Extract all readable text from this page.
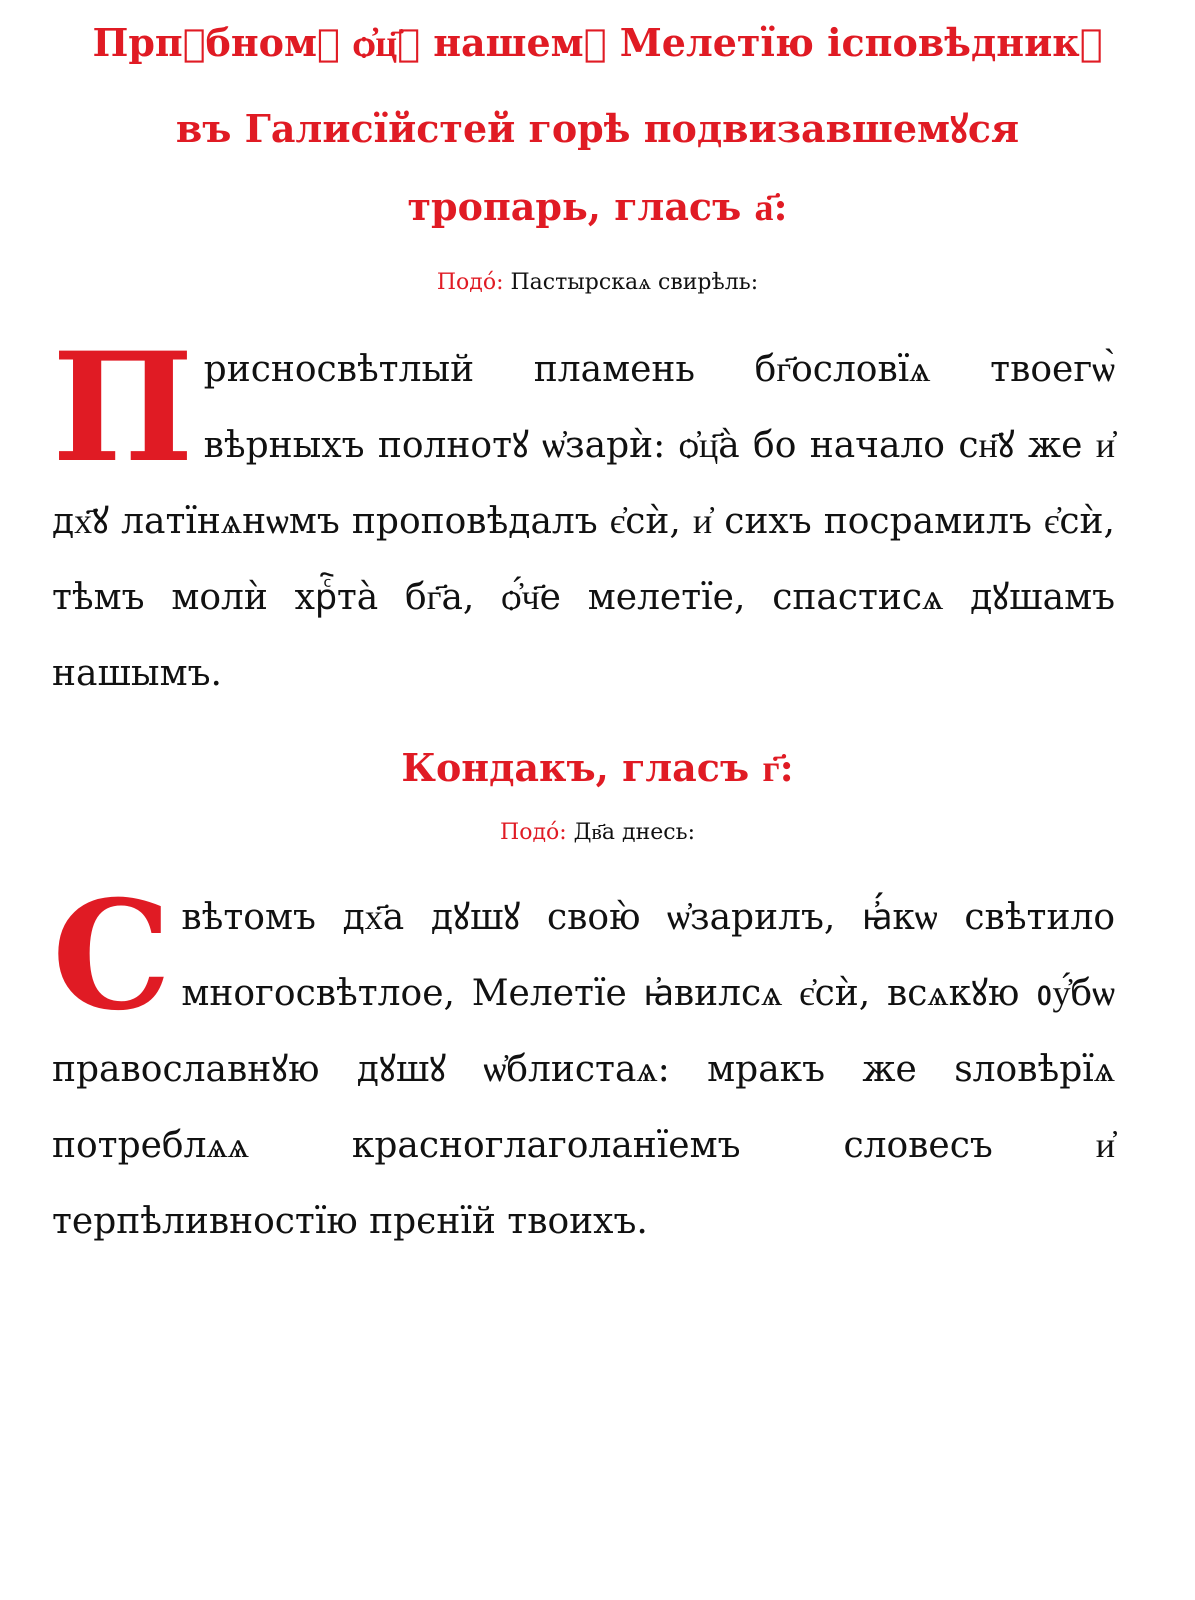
Прпⷣбномꙋ ѻ҆ц҃ꙋ нашемꙋ Мелетїю ісповѣдникꙋ

въ Галисїйстей горѣ подвизавшемꙋся

тропарь, гласъ а҃:

Подо́: Пастырскаѧ свирѣль:
П рисносвѣтлый пламень бг҃ословїѧ твоегѡ̀ вѣрныхъ полнотꙋ ѡ҆зарѝ: ѻ҆ц҃а̀ бо начало сн҃ꙋ же и҆ дх҃ꙋ латїнѧнѡмъ проповѣдалъ є҆сѝ, и҆ сихъ посрамилъ є҆сѝ, тѣмъ молѝ хрⷭ҇та̀ бг҃а, ѻ҆́ч҃е мелетїе, спастисѧ дꙋшамъ нашымъ.

Кондакъ, гласъ г҃:

Подо́: Дв҃а днесь:
С вѣтомъ дх҃а дꙋшꙋ свою̀ ѡ҆зарилъ, ꙗ҆́кѡ свѣтило многосвѣтлое, Мелетїе ꙗ҆вилсѧ є҆сѝ, всѧкꙋю ᲂу҆́бѡ православнꙋю дꙋшꙋ ѡ҆блистаѧ: мракъ же ѕловѣрїѧ потреблѧѧ краснoглаголанїемъ словесъ и҆ терпѣливностїю прєнїй твоихъ.
